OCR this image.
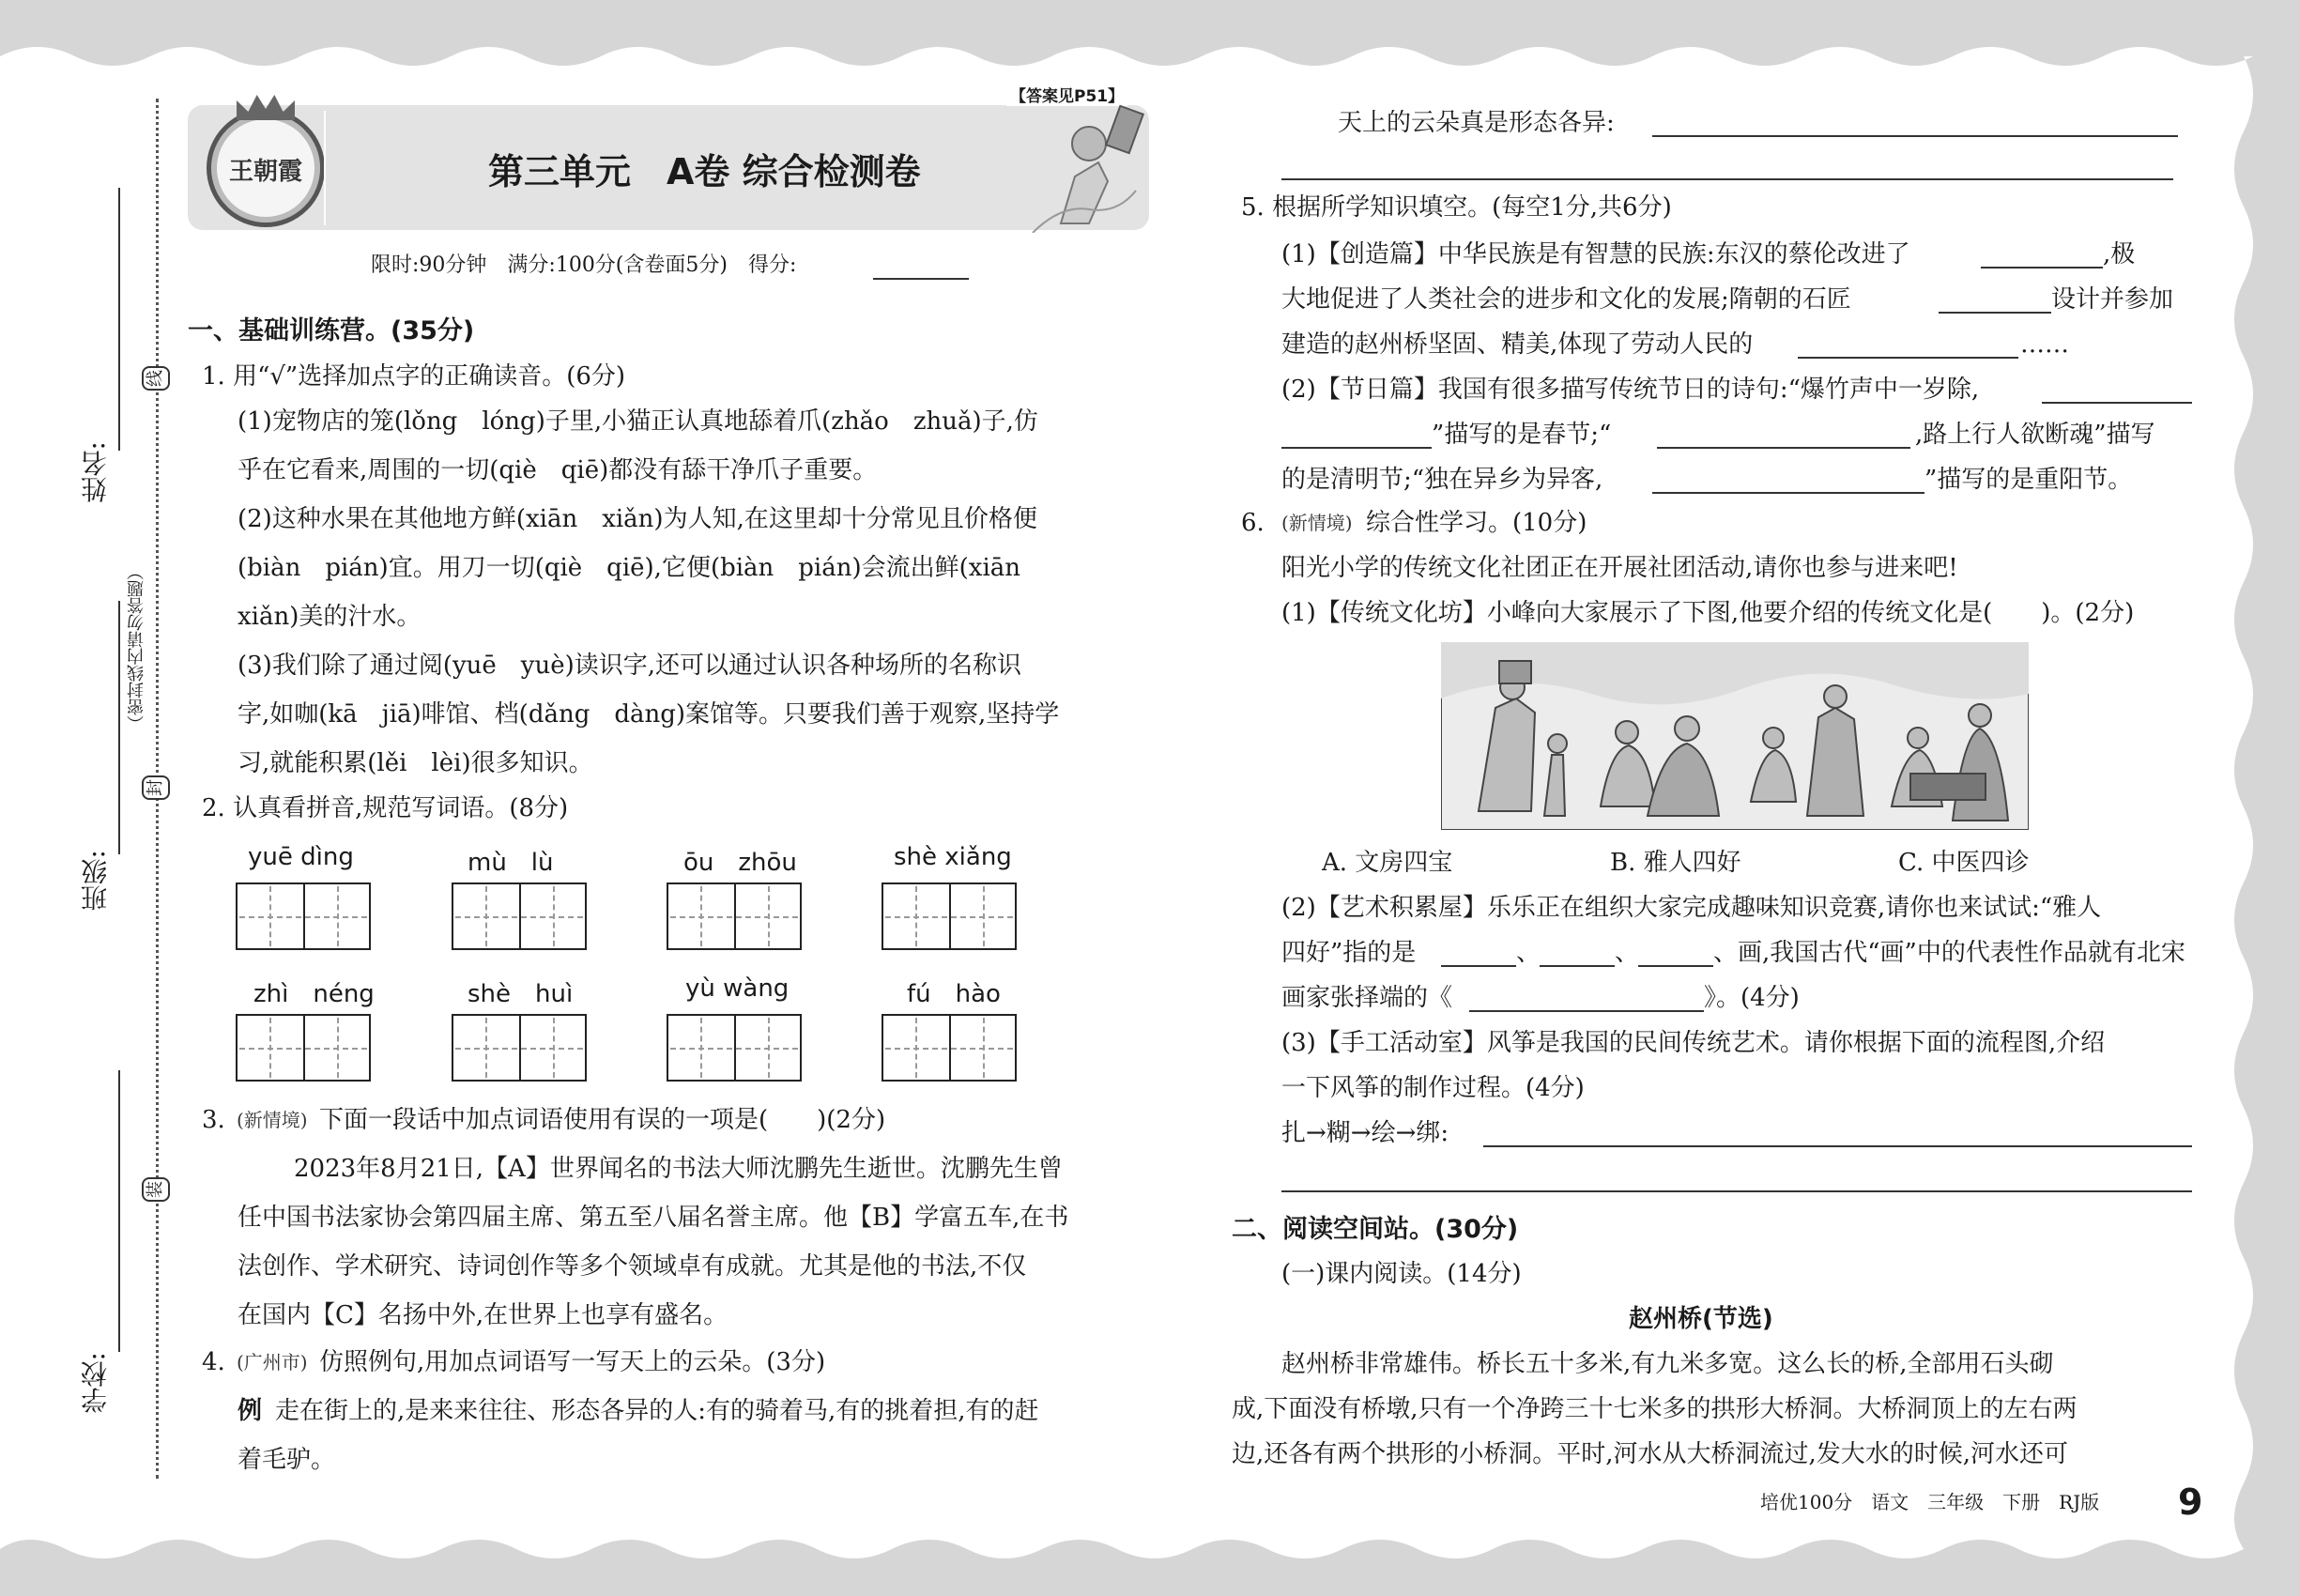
姓名:
班级:
学校:
线
封
装
（密封线内请勿答题）
王朝霞	第三单元　A卷 综合检测卷
【答案见P51】
限时:90分钟　满分:100分(含卷面5分)　得分:
一、基础训练营。(35分)
1. 用“√”选择加点字的正确读音。(6分)
(1)宠物店的笼(lǒng　lóng)子里,小猫正认真地舔着爪(zhǎo　zhuǎ)子,仿
乎在它看来,周围的一切(qiè　qiē)都没有舔干净爪子重要。
(2)这种水果在其他地方鲜(xiān　xiǎn)为人知,在这里却十分常见且价格便
(biàn　pián)宜。用刀一切(qiè　qiē),它便(biàn　pián)会流出鲜(xiān
xiǎn)美的汁水。
(3)我们除了通过阅(yuē　yuè)读识字,还可以通过认识各种场所的名称识
字,如咖(kā　jiā)啡馆、档(dǎng　dàng)案馆等。只要我们善于观察,坚持学
习,就能积累(lěi　lèi)很多知识。
2. 认真看拼音,规范写词语。(8分)
yuē dìng	mù　lù	ōu　zhōu	shè xiǎng
zhì　néng	shè　huì	yù wàng	fú　hào
3. (新情境) 下面一段话中加点词语使用有误的一项是(　　)(2分)
2023年8月21日,【A】世界闻名的书法大师沈鹏先生逝世。沈鹏先生曾
任中国书法家协会第四届主席、第五至八届名誉主席。他【B】学富五车,在书
法创作、学术研究、诗词创作等多个领域卓有成就。尤其是他的书法,不仅
在国内【C】名扬中外,在世界上也享有盛名。
4. (广州市) 仿照例句,用加点词语写一写天上的云朵。(3分)
例 走在街上的,是来来往往、形态各异的人:有的骑着马,有的挑着担,有的赶
着毛驴。
天上的云朵真是形态各异:
5. 根据所学知识填空。(每空1分,共6分)
(1)【创造篇】中华民族是有智慧的民族:东汉的蔡伦改进了	,极
大地促进了人类社会的进步和文化的发展;隋朝的石匠	设计并参加
建造的赵州桥坚固、精美,体现了劳动人民的	……
(2)【节日篇】我国有很多描写传统节日的诗句:“爆竹声中一岁除,
”描写的是春节;“	,路上行人欲断魂”描写
的是清明节;“独在异乡为异客,	”描写的是重阳节。
6. (新情境) 综合性学习。(10分)
阳光小学的传统文化社团正在开展社团活动,请你也参与进来吧!
(1)【传统文化坊】小峰向大家展示了下图,他要介绍的传统文化是(　　)。(2分)
A. 文房四宝	B. 雅人四好	C. 中医四诊
(2)【艺术积累屋】乐乐正在组织大家完成趣味知识竞赛,请你也来试试:“雅人
四好”指的是	、	、	、画,我国古代“画”中的代表性作品就有北宋
画家张择端的《	》。(4分)
(3)【手工活动室】风筝是我国的民间传统艺术。请你根据下面的流程图,介绍
一下风筝的制作过程。(4分)
扎→糊→绘→绑:
二、阅读空间站。(30分)
(一)课内阅读。(14分)
赵州桥(节选)
赵州桥非常雄伟。桥长五十多米,有九米多宽。这么长的桥,全部用石头砌
成,下面没有桥墩,只有一个净跨三十七米多的拱形大桥洞。大桥洞顶上的左右两
边,还各有两个拱形的小桥洞。平时,河水从大桥洞流过,发大水的时候,河水还可
培优100分　语文　三年级　下册　RJ版 9
